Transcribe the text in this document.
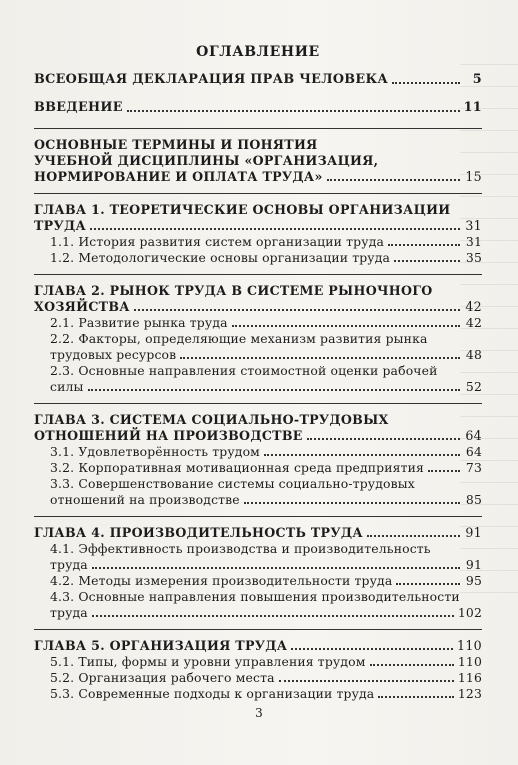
ОГЛАВЛЕНИЕ
ВСЕОБЩАЯ ДЕКЛАРАЦИЯ ПРАВ ЧЕЛОВЕКА	5
ВВЕДЕНИЕ	11
ОСНОВНЫЕ ТЕРМИНЫ И ПОНЯТИЯ
УЧЕБНОЙ ДИСЦИПЛИНЫ «ОРГАНИЗАЦИЯ,
НОРМИРОВАНИЕ И ОПЛАТА ТРУДА»	15
ГЛАВА 1. ТЕОРЕТИЧЕСКИЕ ОСНОВЫ ОРГАНИЗАЦИИ
ТРУДА	31
1.1. История развития систем организации труда	31
1.2. Методологические основы организации труда	35
ГЛАВА 2. РЫНОК ТРУДА В СИСТЕМЕ РЫНОЧНОГО
ХОЗЯЙСТВА	42
2.1. Развитие рынка труда	42
2.2. Факторы, определяющие механизм развития рынка
трудовых ресурсов	48
2.3. Основные направления стоимостной оценки рабочей
силы	52
ГЛАВА 3. СИСТЕМА СОЦИАЛЬНО-ТРУДОВЫХ
ОТНОШЕНИЙ НА ПРОИЗВОДСТВЕ	64
3.1. Удовлетворённость трудом	64
3.2. Корпоративная мотивационная среда предприятия	73
3.3. Совершенствование системы социально-трудовых
отношений на производстве	85
ГЛАВА 4. ПРОИЗВОДИТЕЛЬНОСТЬ ТРУДА	91
4.1. Эффективность производства и производительность
труда	91
4.2. Методы измерения производительности труда	95
4.3. Основные направления повышения производительности
труда	102
ГЛАВА 5. ОРГАНИЗАЦИЯ ТРУДА	110
5.1. Типы, формы и уровни управления трудом	110
5.2. Организация рабочего места	116
5.3. Современные подходы к организации труда	123
3
